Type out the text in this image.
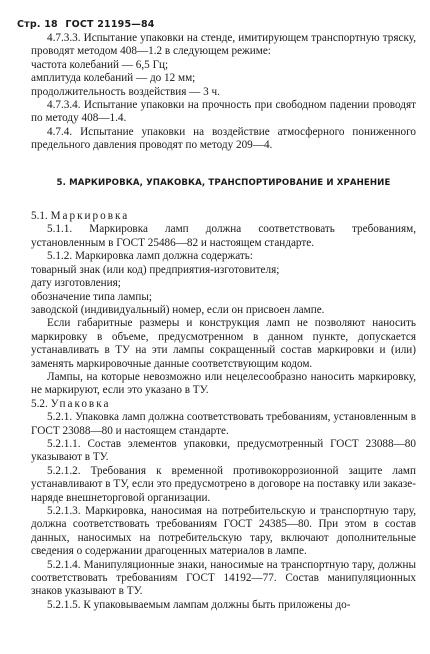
Стр. 18 ГОСТ 21195—84

4.7.3.3. Испытание упаковки на стенде, имитирующем транспортную тряску, проводят методом 408—1.2 в следующем режиме:

частота колебаний — 6,5 Гц;

амплитуда колебаний — до 12 мм;

продолжительность воздействия — 3 ч.

4.7.3.4. Испытание упаковки на прочность при свободном падении проводят по методу 408—1.4.

4.7.4. Испытание упаковки на воздействие атмосферного пониженного предельного давления проводят по методу 209—4.

5. МАРКИРОВКА, УПАКОВКА, ТРАНСПОРТИРОВАНИЕ И ХРАНЕНИЕ

5.1. Маркировка

5.1.1. Маркировка ламп должна соответствовать требованиям, установленным в ГОСТ 25486—82 и настоящем стандарте.

5.1.2. Маркировка ламп должна содержать:

товарный знак (или код) предприятия-изготовителя;

дату изготовления;

обозначение типа лампы;

заводской (индивидуальный) номер, если он присвоен лампе.

Если габаритные размеры и конструкция ламп не позволяют наносить маркировку в объеме, предусмотренном в данном пункте, допускается устанавливать в ТУ на эти лампы сокращенный состав маркировки и (или) заменять маркировочные данные соответствующим кодом.

Лампы, на которые невозможно или нецелесообразно наносить маркировку, не маркируют, если это указано в ТУ.

5.2. Упаковка

5.2.1. Упаковка ламп должна соответствовать требованиям, установленным в ГОСТ 23088—80 и настоящем стандарте.

5.2.1.1. Состав элементов упаковки, предусмотренный ГОСТ 23088—80 указывают в ТУ.

5.2.1.2. Требования к временной противокоррозионной защите ламп устанавливают в ТУ, если это предусмотрено в договоре на поставку или заказе-наряде внешнеторговой организации.

5.2.1.3. Маркировка, наносимая на потребительскую и транспортную тару, должна соответствовать требованиям ГОСТ 24385—80. При этом в состав данных, наносимых на потребительскую тару, включают дополнительные сведения о содержании драгоценных материалов в лампе.

5.2.1.4. Манипуляционные знаки, наносимые на транспортную тару, должны соответствовать требованиям ГОСТ 14192—77. Состав манипуляционных знаков указывают в ТУ.

5.2.1.5. К упаковываемым лампам должны быть приложены до-
